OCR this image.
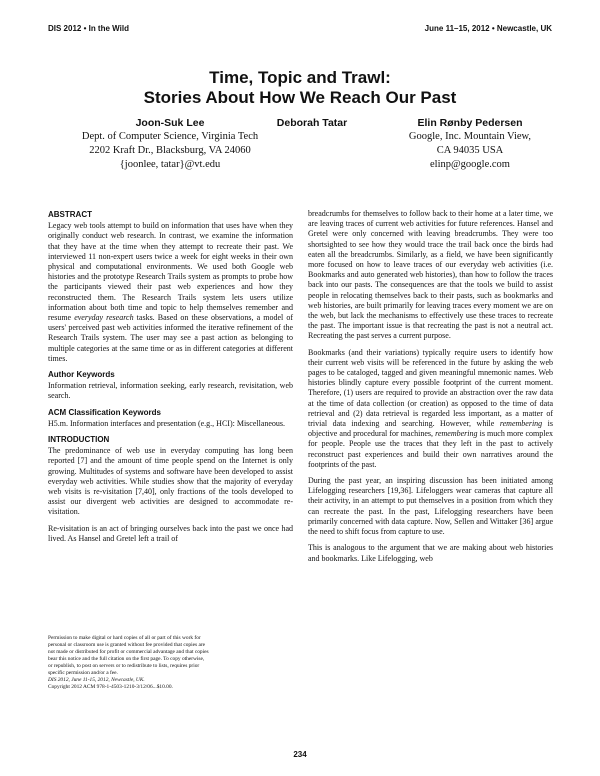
DIS 2012 • In the Wild	June 11–15, 2012 • Newcastle, UK
Time, Topic and Trawl:
Stories About How We Reach Our Past
Joon-Suk Lee
Dept. of Computer Science, Virginia Tech
2202 Kraft Dr., Blacksburg, VA 24060
{joonlee, tatar}@vt.edu
Deborah Tatar	Elin Rønby Pedersen
Google, Inc. Mountain View,
CA 94035 USA
elinp@google.com
ABSTRACT

Legacy web tools attempt to build on information that uses have when they originally conduct web research. In contrast, we examine the information that they have at the time when they attempt to recreate their past. We interviewed 11 non-expert users twice a week for eight weeks in their own physical and computational environments. We used both Google web histories and the prototype Research Trails system as prompts to probe how the participants viewed their past web experiences and how they reconstructed them. The Research Trails system lets users utilize information about both time and topic to help themselves remember and resume everyday research tasks. Based on these observations, a model of users' perceived past web activities informed the iterative refinement of the Research Trails system. The user may see a past action as belonging to multiple categories at the same time or as in different categories at different times.

Author Keywords

Information retrieval, information seeking, early research, revisitation, web search.

ACM Classification Keywords

H5.m. Information interfaces and presentation (e.g., HCI): Miscellaneous.

INTRODUCTION

The predominance of web use in everyday computing has long been reported [7] and the amount of time people spend on the Internet is only growing. Multitudes of systems and software have been developed to assist everyday web activities. While studies show that the majority of everyday web visits is re-visitation [7,40], only fractions of the tools developed to assist our divergent web activities are designed to accommodate re-visitation.

Re-visitation is an act of bringing ourselves back into the past we once had lived. As Hansel and Gretel left a trail of

Permission to make digital or hard copies of all or part of this work for
personal or classroom use is granted without fee provided that copies are
not made or distributed for profit or commercial advantage and that copies
bear this notice and the full citation on the first page. To copy otherwise,
or republish, to post on servers or to redistribute to lists, requires prior
specific permission and/or a fee.
DIS 2012, June 11-15, 2012, Newcastle, UK.
Copyright 2012 ACM 978-1-4503-1210-3/12/06...$10.00.

breadcrumbs for themselves to follow back to their home at a later time, we are leaving traces of current web activities for future references. Hansel and Gretel were only concerned with leaving breadcrumbs. They were too shortsighted to see how they would trace the trail back once the birds had eaten all the breadcrumbs. Similarly, as a field, we have been significantly more focused on how to leave traces of our everyday web activities (i.e. Bookmarks and auto generated web histories), than how to follow the traces back into our pasts. The consequences are that the tools we build to assist people in relocating themselves back to their pasts, such as bookmarks and web histories, are built primarily for leaving traces every moment we are on the web, but lack the mechanisms to effectively use these traces to recreate the past. The important issue is that recreating the past is not a neutral act. Recreating the past serves a current purpose.

Bookmarks (and their variations) typically require users to identify how their current web visits will be referenced in the future by asking the web pages to be cataloged, tagged and given meaningful mnemonic names. Web histories blindly capture every possible footprint of the current moment. Therefore, (1) users are required to provide an abstraction over the raw data at the time of data collection (or creation) as opposed to the time of data retrieval and (2) data retrieval is regarded less important, as a matter of trivial data indexing and searching. However, while remembering is objective and procedural for machines, remembering is much more complex for people. People use the traces that they left in the past to actively reconstruct past experiences and build their own narratives around the footprints of the past.

During the past year, an inspiring discussion has been initiated among Lifelogging researchers [19,36]. Lifeloggers wear cameras that capture all their activity, in an attempt to put themselves in a position from which they can recreate the past. In the past, Lifelogging researchers have been primarily concerned with data capture. Now, Sellen and Wittaker [36] argue the need to shift focus from capture to use.

This is analogous to the argument that we are making about web histories and bookmarks. Like Lifelogging, web

234
